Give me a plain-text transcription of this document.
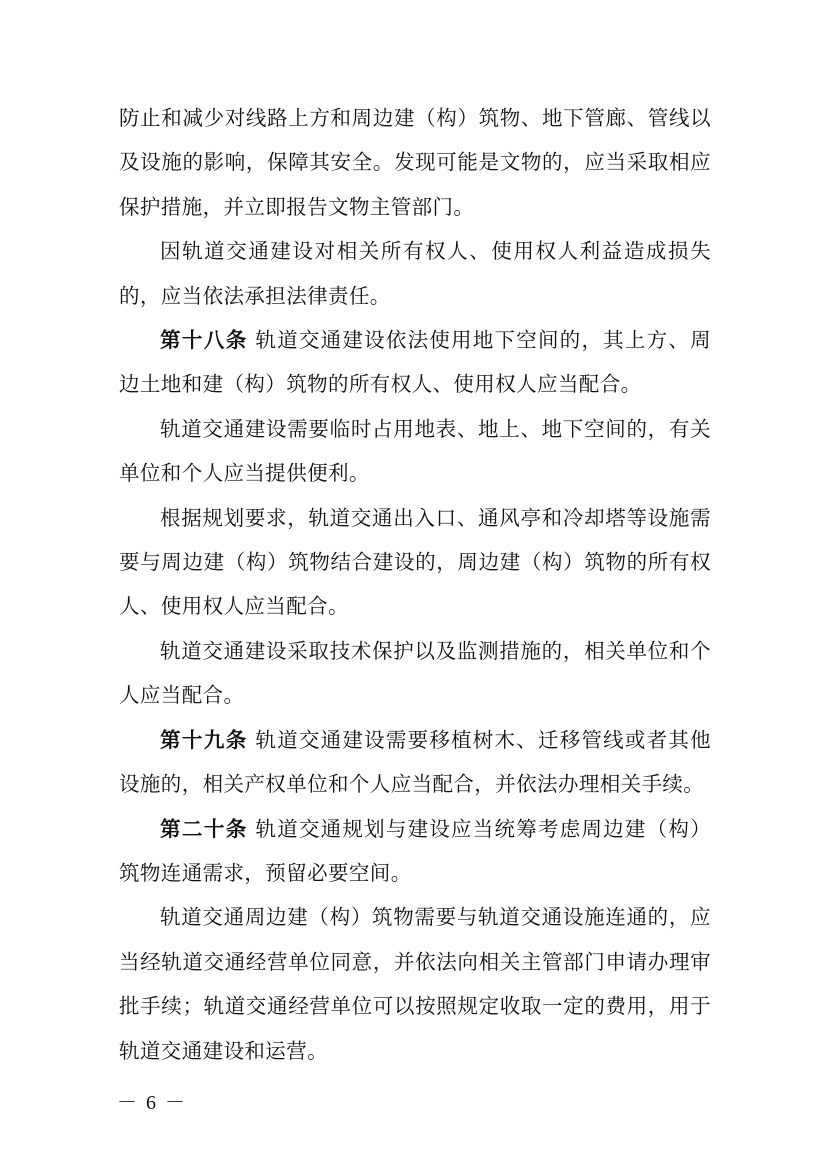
防止和减少对线路上方和周边建（构）筑物、地下管廊、管线以及设施的影响，保障其安全。发现可能是文物的，应当采取相应保护措施，并立即报告文物主管部门。

因轨道交通建设对相关所有权人、使用权人利益造成损失的，应当依法承担法律责任。

第十八条 轨道交通建设依法使用地下空间的，其上方、周边土地和建（构）筑物的所有权人、使用权人应当配合。

轨道交通建设需要临时占用地表、地上、地下空间的，有关单位和个人应当提供便利。

根据规划要求，轨道交通出入口、通风亭和冷却塔等设施需要与周边建（构）筑物结合建设的，周边建（构）筑物的所有权人、使用权人应当配合。

轨道交通建设采取技术保护以及监测措施的，相关单位和个人应当配合。

第十九条 轨道交通建设需要移植树木、迁移管线或者其他设施的，相关产权单位和个人应当配合，并依法办理相关手续。

第二十条 轨道交通规划与建设应当统筹考虑周边建（构）筑物连通需求，预留必要空间。

轨道交通周边建（构）筑物需要与轨道交通设施连通的，应当经轨道交通经营单位同意，并依法向相关主管部门申请办理审批手续；轨道交通经营单位可以按照规定收取一定的费用，用于轨道交通建设和运营。

－ 6 －
